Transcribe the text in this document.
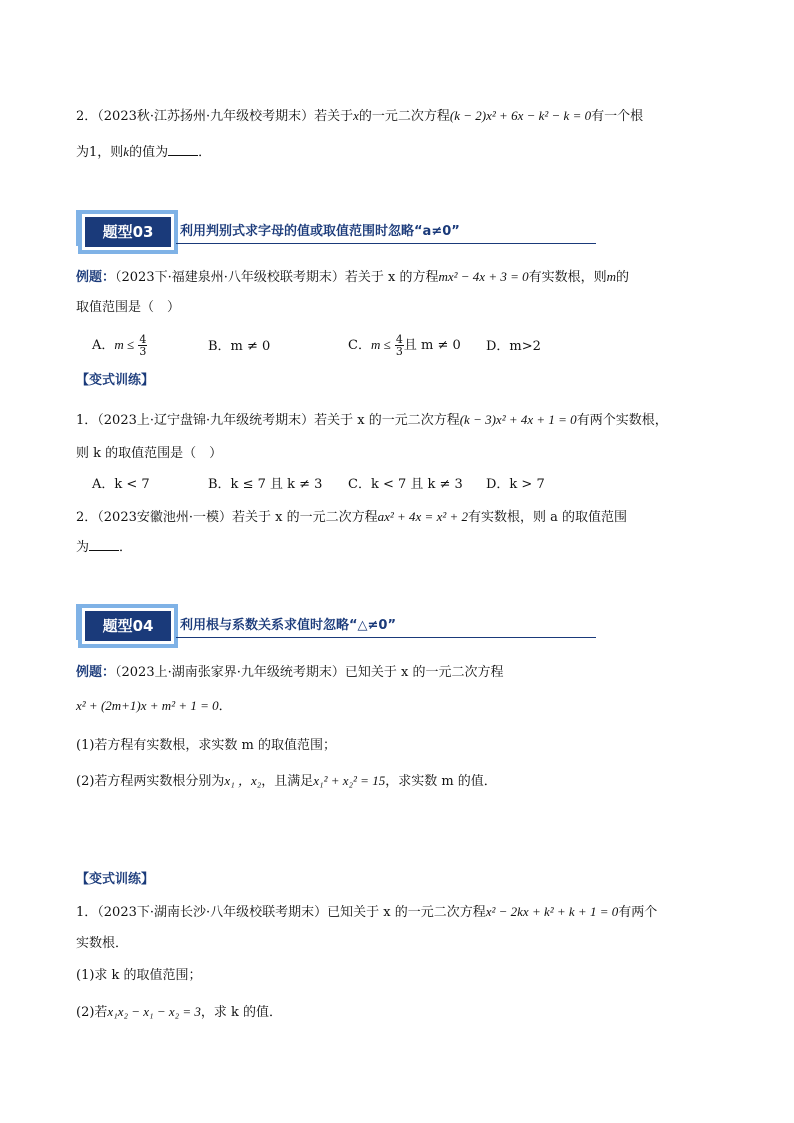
2．（2023秋·江苏扬州·九年级校考期末）若关于x的一元二次方程(k − 2)x² + 6x − k² − k = 0有一个根
为1，则k的值为 ．
题型03	利用判别式求字母的值或取值范围时忽略“a≠0”
例题：（2023下·福建泉州·八年级校联考期末）若关于 x 的方程mx² − 4x + 3 = 0有实数根，则m的
取值范围是（　）
A．$m \le \frac{4}{3}$	B．m ≠ 0	C．$m \le \frac{4}{3}$ 且 m ≠ 0 D．m>2
【变式训练】
1．（2023上·辽宁盘锦·九年级统考期末）若关于 x 的一元二次方程(k − 3)x² + 4x + 1 = 0有两个实数根，
则 k 的取值范围是（　）
A．k < 7	B．k ≤ 7 且 k ≠ 3 C．k < 7 且 k ≠ 3 D．k > 7
2．（2023安徽池州·一模）若关于 x 的一元二次方程ax² + 4x = x² + 2有实数根，则 a 的取值范围
为 ．
题型04	利用根与系数关系求值时忽略“△≠0”
例题：（2023上·湖南张家界·九年级统考期末）已知关于 x 的一元二次方程
x² + (2m+1)x + m² + 1 = 0．
(1)若方程有实数根，求实数 m 的取值范围；
(2)若方程两实数根分别为x₁ ，x₂，且满足x₁² + x₂² = 15，求实数 m 的值．
【变式训练】
1．（2023下·湖南长沙·八年级校联考期末）已知关于 x 的一元二次方程x² − 2kx + k² + k + 1 = 0有两个
实数根．
(1)求 k 的取值范围；
(2)若x₁x₂ − x₁ − x₂ = 3，求 k 的值．
